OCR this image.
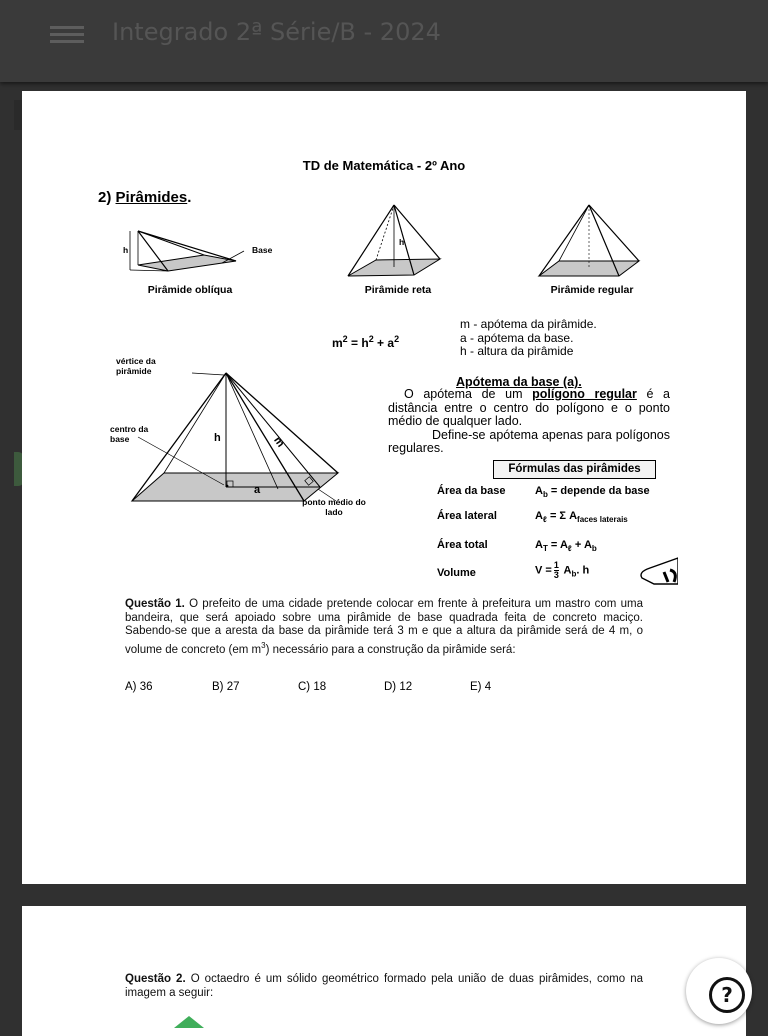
Integrado 2ª Série/B - 2024
TD de Matemática - 2º Ano
2) Pirâmides.
h	Base
Pirâmide oblíqua
h
Pirâmide reta	Pirâmide regular
$m^2 = h^2 + a^2$
m - apótema da pirâmide.
a - apótema da base.
h - altura da pirâmide
vértice da pirâmide
centro da base	h	m
a
ponto médio do lado
Apótema da base (a).
O apótema de um polígono regular é a distância entre o centro do polígono e o ponto médio de qualquer lado.
Define-se apótema apenas para polígonos regulares.
Fórmulas das pirâmides
Área da base	$A_b$ = depende da base
Área lateral	$A_\ell = \Sigma$ $A_{faces laterais}$
Área total	$A_T = A_\ell + A_b$
Volume	$V = \frac{1}{3} A_b$. h
Questão 1. O prefeito de uma cidade pretende colocar em frente à prefeitura um mastro com uma bandeira, que será apoiado sobre uma pirâmide de base quadrada feita de concreto maciço. Sabendo-se que a aresta da base da pirâmide terá 3 m e que a altura da pirâmide será de 4 m, o volume de concreto (em $m^3$) necessário para a construção da pirâmide será:
A) 36	B) 27	C) 18	D) 12	E) 4
Questão 2. O octaedro é um sólido geométrico formado pela união de duas pirâmides, como na imagem a seguir:	?
